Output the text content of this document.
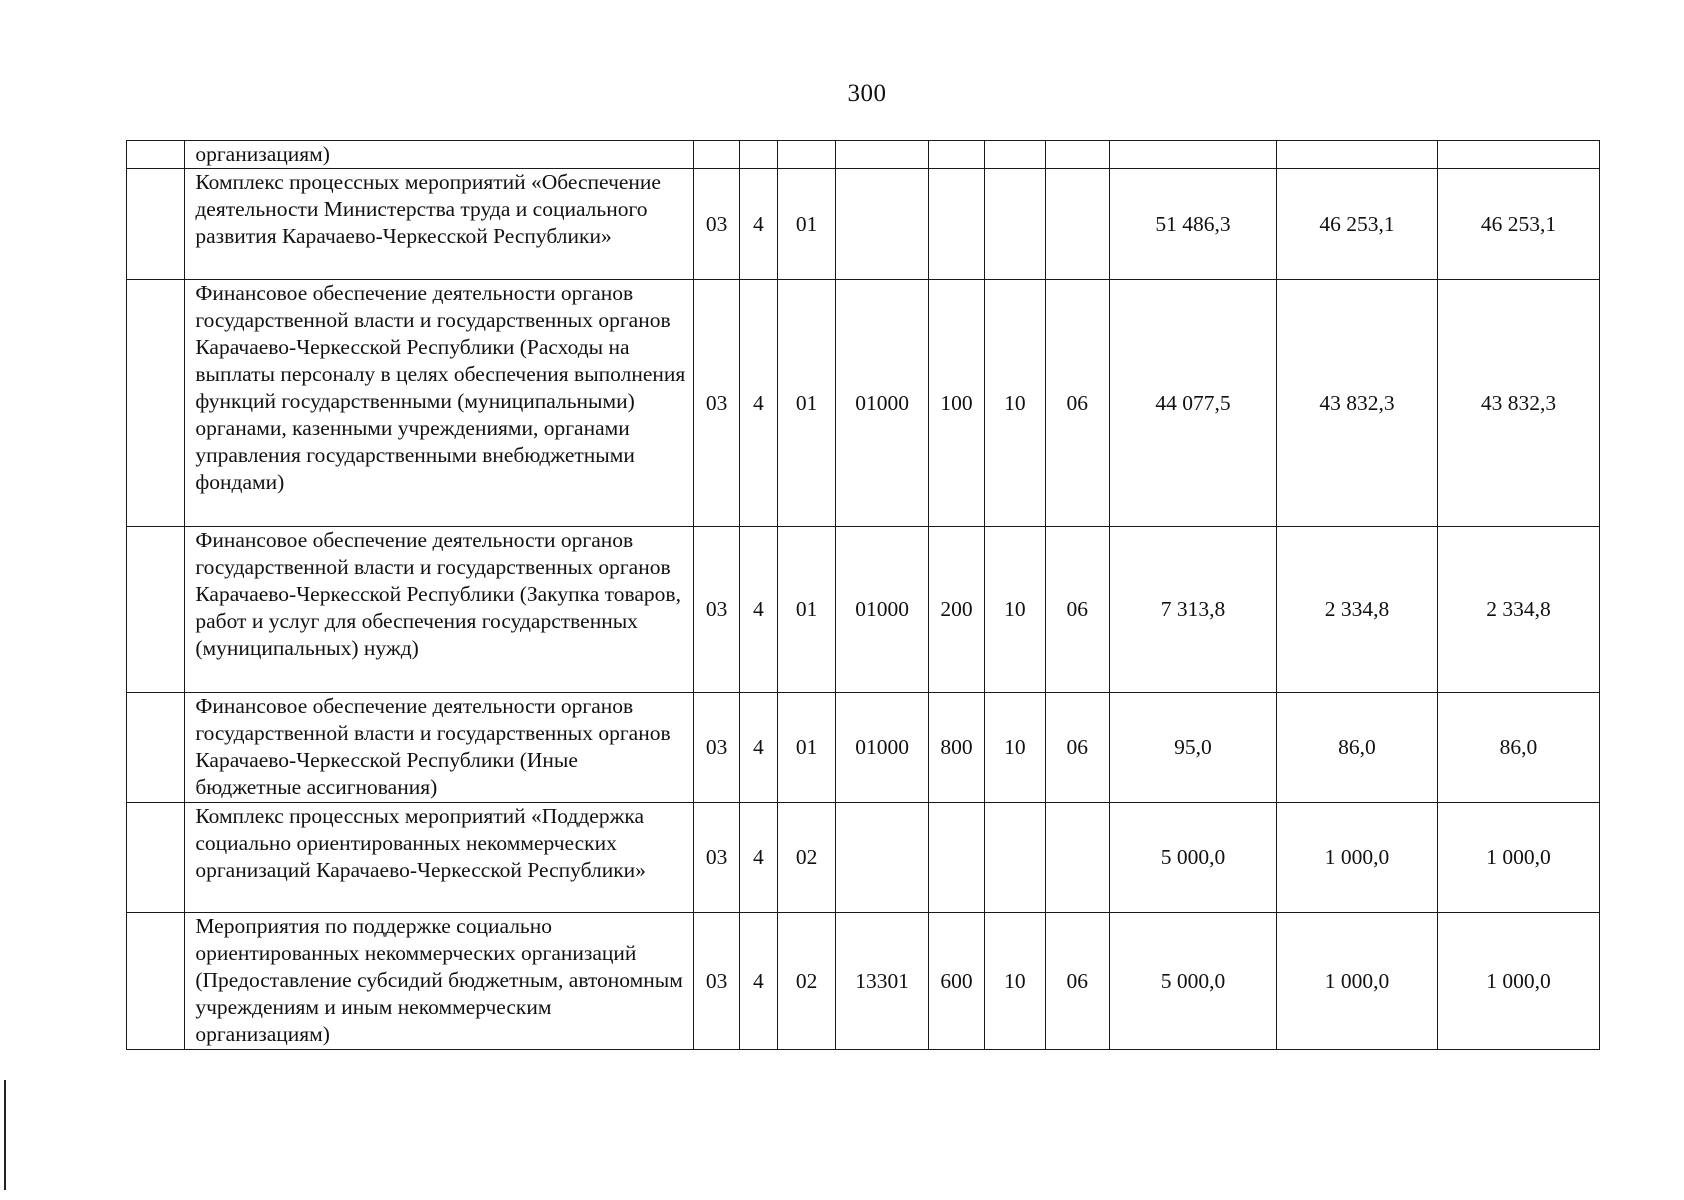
300
	организациям)										
	Комплекс процессных мероприятий «Обеспечение деятельности Министерства труда и социального развития Карачаево-Черкесской Республики»	03	4	01					51 486,3	46 253,1	46 253,1
	Финансовое обеспечение деятельности органов государственной власти и государственных органов Карачаево-Черкесской Республики (Расходы на выплаты персоналу в целях обеспечения выполнения функций государственными (муниципальными) органами, казенными учреждениями, органами управления государственными внебюджетными фондами)	03	4	01	01000	100	10	06	44 077,5	43 832,3	43 832,3
	Финансовое обеспечение деятельности органов государственной власти и государственных органов Карачаево-Черкесской Республики (Закупка товаров, работ и услуг для обеспечения государственных (муниципальных) нужд)	03	4	01	01000	200	10	06	7 313,8	2 334,8	2 334,8
	Финансовое обеспечение деятельности органов государственной власти и государственных органов Карачаево-Черкесской Республики (Иные бюджетные ассигнования)	03	4	01	01000	800	10	06	95,0	86,0	86,0
	Комплекс процессных мероприятий «Поддержка социально ориентированных некоммерческих организаций Карачаево-Черкесской Республики»	03	4	02					5 000,0	1 000,0	1 000,0
	Мероприятия по поддержке социально ориентированных некоммерческих организаций (Предоставление субсидий бюджетным, автономным учреждениям и иным некоммерческим организациям)	03	4	02	13301	600	10	06	5 000,0	1 000,0	1 000,0
